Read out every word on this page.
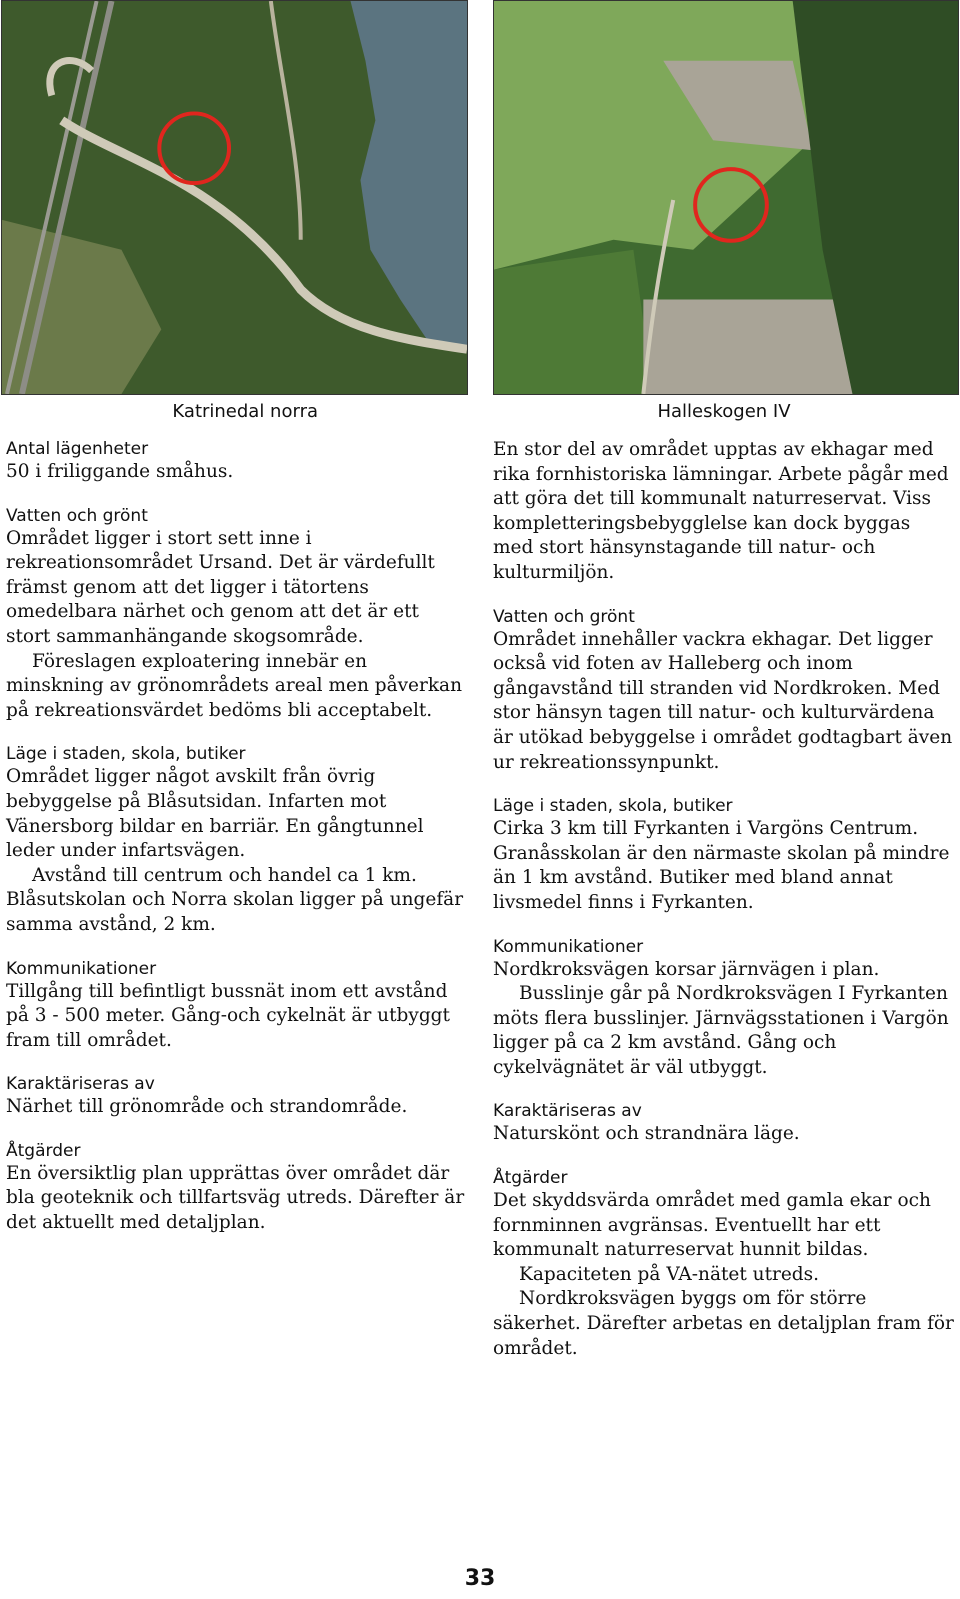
Katrinedal norra
Antal lägenheter

50 i friliggande småhus.

Vatten och grönt

Området ligger i stort sett inne i rekreationsområdet Ursand. Det är värdefullt främst genom att det ligger i tätortens omedelbara närhet och genom att det är ett stort sammanhängande skogsområde.

Föreslagen exploatering innebär en minskning av grönområdets areal men påverkan på rekreationsvärdet bedöms bli acceptabelt.

Läge i staden, skola, butiker

Området ligger något avskilt från övrig bebyggelse på Blåsutsidan. Infarten mot Vänersborg bildar en barriär. En gångtunnel leder under infartsvägen.

Avstånd till centrum och handel ca 1 km. Blåsutskolan och Norra skolan ligger på ungefär samma avstånd, 2 km.

Kommunikationer

Tillgång till befintligt bussnät inom ett avstånd på 3 - 500 meter. Gång-och cykelnät är utbyggt fram till området.

Karaktäriseras av

Närhet till grönområde och strandområde.

Åtgärder

En översiktlig plan upprättas över området där bla geoteknik och tillfartsväg utreds. Därefter är det aktuellt med detaljplan.

Halleskogen IV

En stor del av området upptas av ekhagar med rika fornhistoriska lämningar. Arbete pågår med att göra det till kommunalt naturreservat. Viss kompletteringsbebygglelse kan dock byggas med stort hänsynstagande till natur- och kulturmiljön.

Vatten och grönt

Området innehåller vackra ekhagar. Det ligger också vid foten av Halleberg och inom gångavstånd till stranden vid Nordkroken. Med stor hänsyn tagen till natur- och kulturvärdena är utökad bebyggelse i området godtagbart även ur rekreationssynpunkt.

Läge i staden, skola, butiker

Cirka 3 km till Fyrkanten i Vargöns Centrum. Granåsskolan är den närmaste skolan på mindre än 1 km avstånd. Butiker med bland annat livsmedel finns i Fyrkanten.

Kommunikationer

Nordkroksvägen korsar järnvägen i plan.

Busslinje går på Nordkroksvägen I Fyrkanten möts flera busslinjer. Järnvägsstationen i Vargön ligger på ca 2 km avstånd. Gång och cykelvägnätet är väl utbyggt.

Karaktäriseras av

Naturskönt och strandnära läge.

Åtgärder

Det skyddsvärda området med gamla ekar och fornminnen avgränsas. Eventuellt har ett kommunalt naturreservat hunnit bildas.

Kapaciteten på VA-nätet utreds.

Nordkroksvägen byggs om för större säkerhet. Därefter arbetas en detaljplan fram för området.

33
